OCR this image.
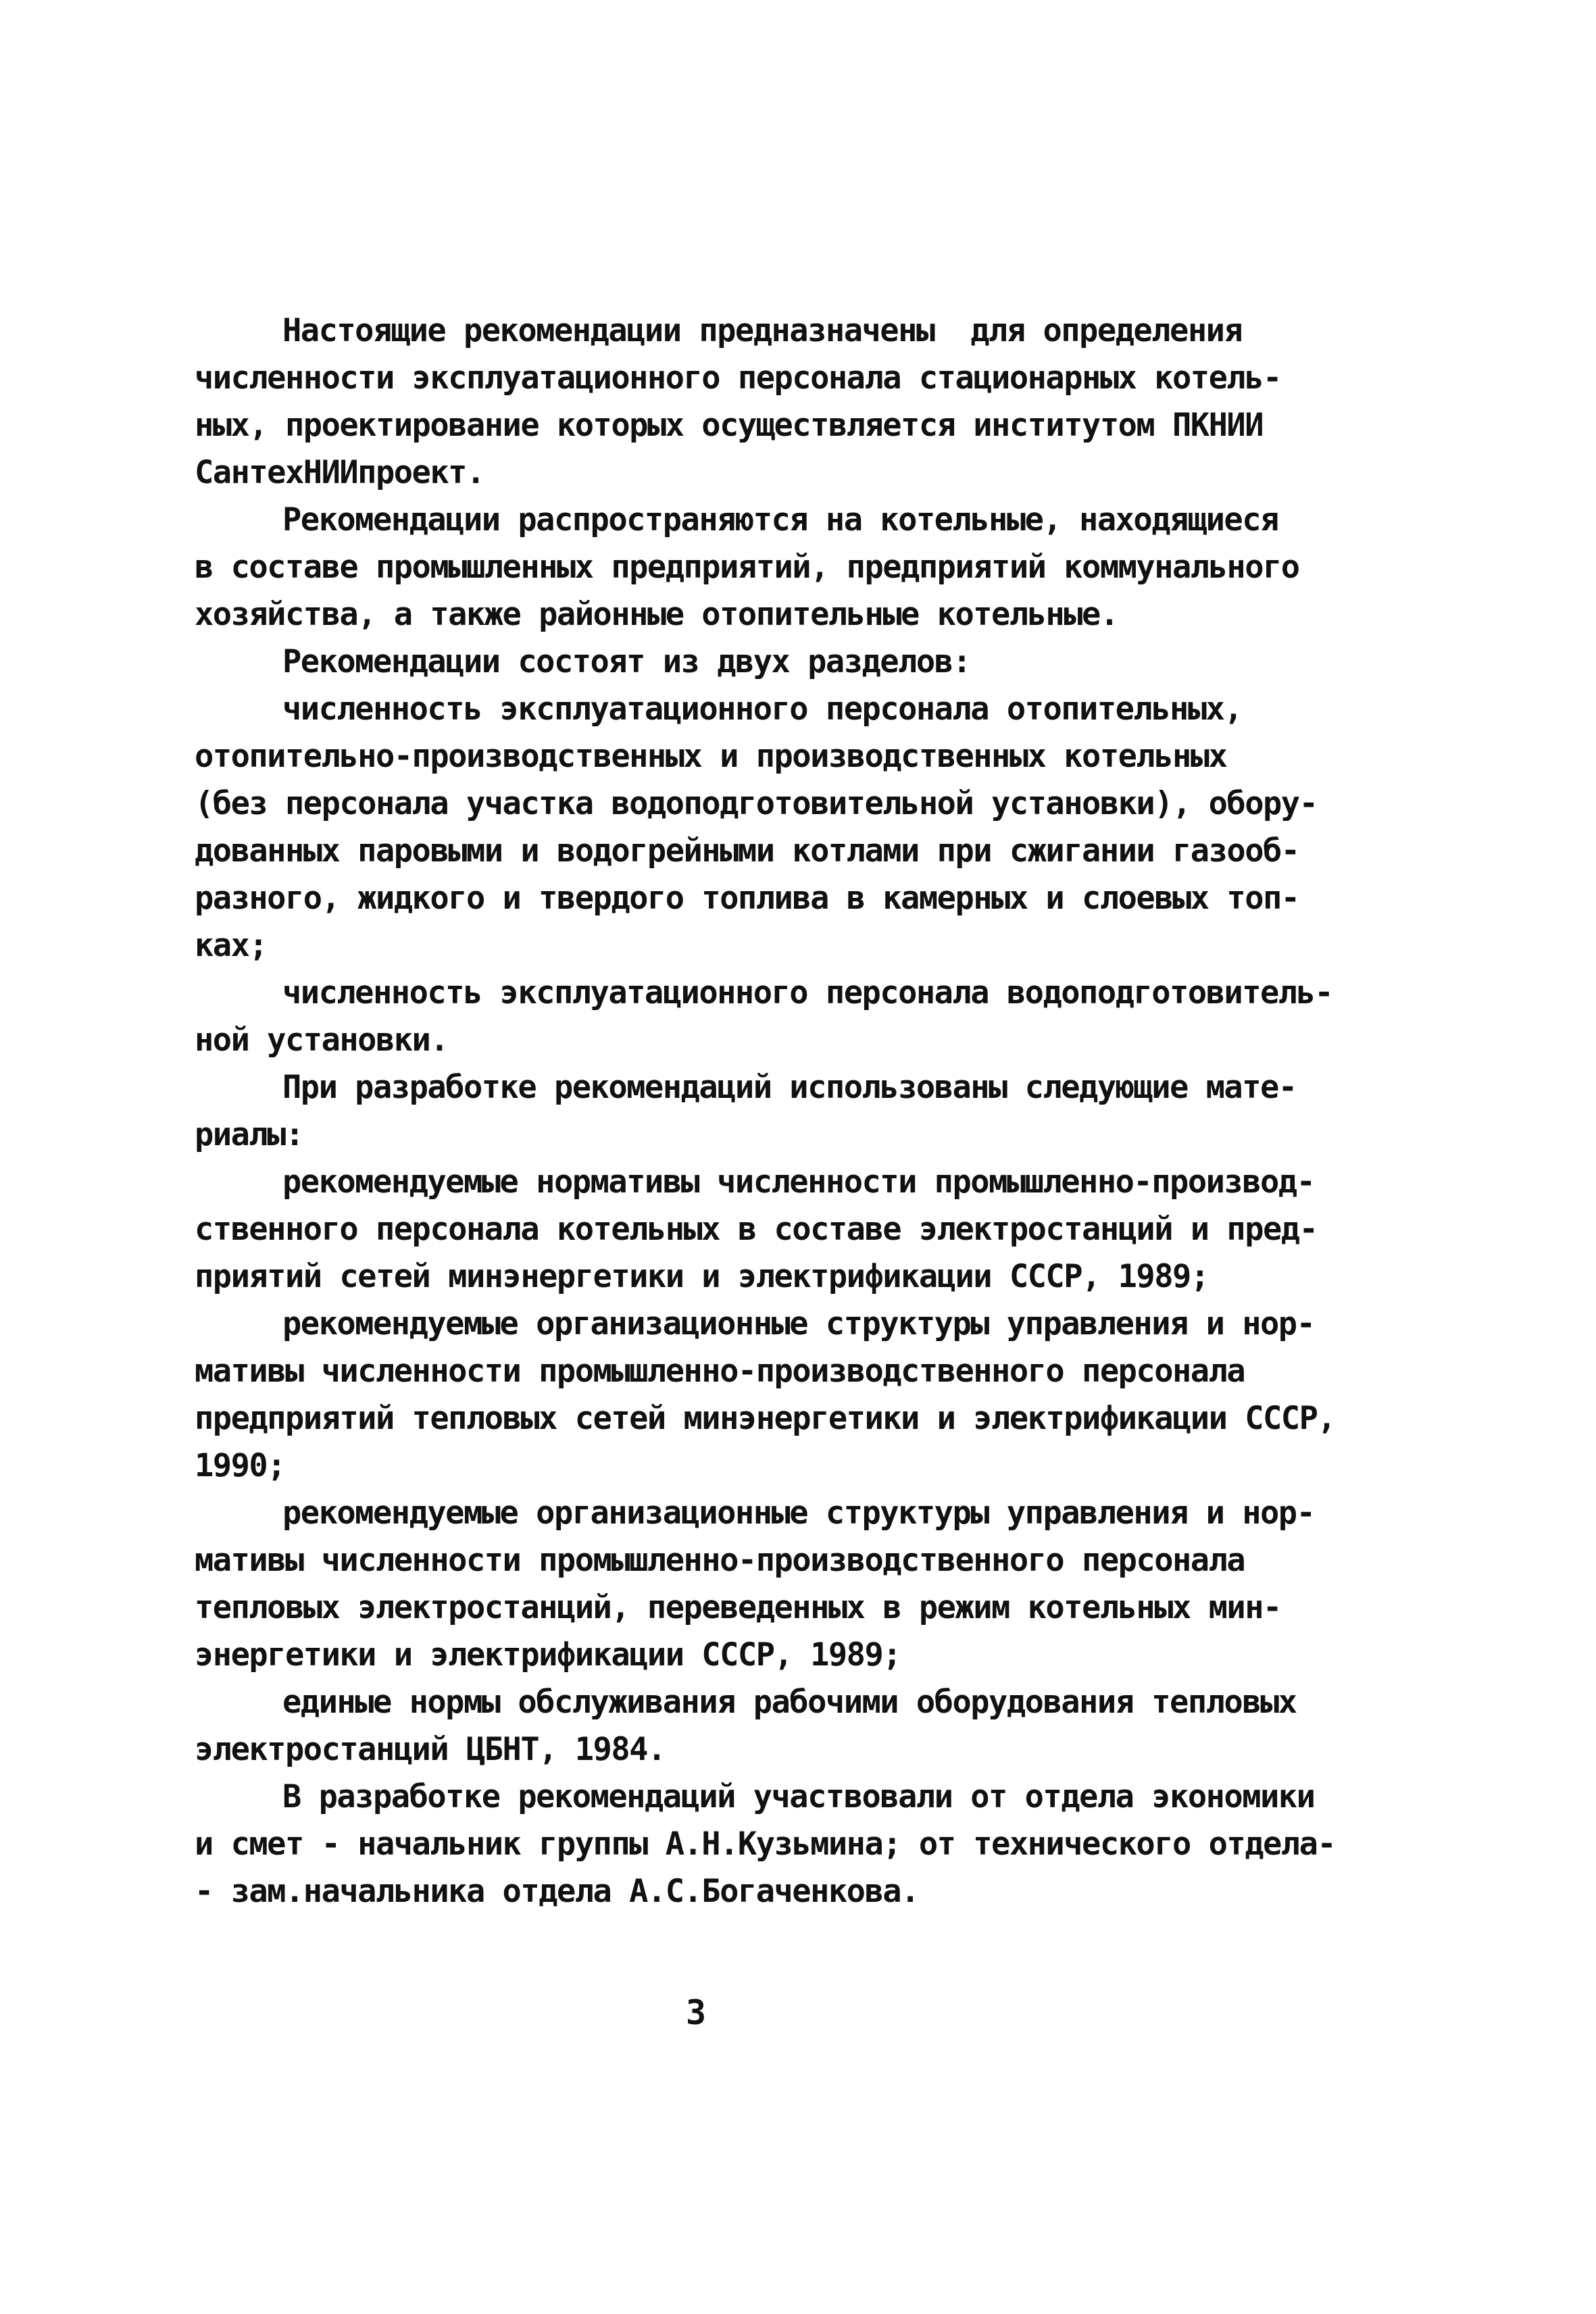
Настоящие рекомендации предназначены  для определения
численности эксплуатационного персонала стационарных котель-
ных, проектирование которых осуществляется институтом ПКНИИ
СантехНИИпроект.
Рекомендации распространяются на котельные, находящиеся
в составе промышленных предприятий, предприятий коммунального
хозяйства, а также районные отопительные котельные.
Рекомендации состоят из двух разделов:
численность эксплуатационного персонала отопительных,
отопительно-производственных и производственных котельных
(без персонала участка водоподготовительной установки), обору-
дованных паровыми и водогрейными котлами при сжигании газооб-
разного, жидкого и твердого топлива в камерных и слоевых топ-
ках;
численность эксплуатационного персонала водоподготовитель-
ной установки.
При разработке рекомендаций использованы следующие мате-
риалы:
рекомендуемые нормативы численности промышленно-производ-
ственного персонала котельных в составе электростанций и пред-
приятий сетей минэнергетики и электрификации СССР, 1989;
рекомендуемые организационные структуры управления и нор-
мативы численности промышленно-производственного персонала
предприятий тепловых сетей минэнергетики и электрификации СССР,
1990;
рекомендуемые организационные структуры управления и нор-
мативы численности промышленно-производственного персонала
тепловых электростанций, переведенных в режим котельных мин-
энергетики и электрификации СССР, 1989;
единые нормы обслуживания рабочими оборудования тепловых
электростанций ЦБНТ, 1984.
В разработке рекомендаций участвовали от отдела экономики
и смет - начальник группы А.Н.Кузьмина; от технического отдела-
- зам.начальника отдела А.С.Богаченкова.
3
